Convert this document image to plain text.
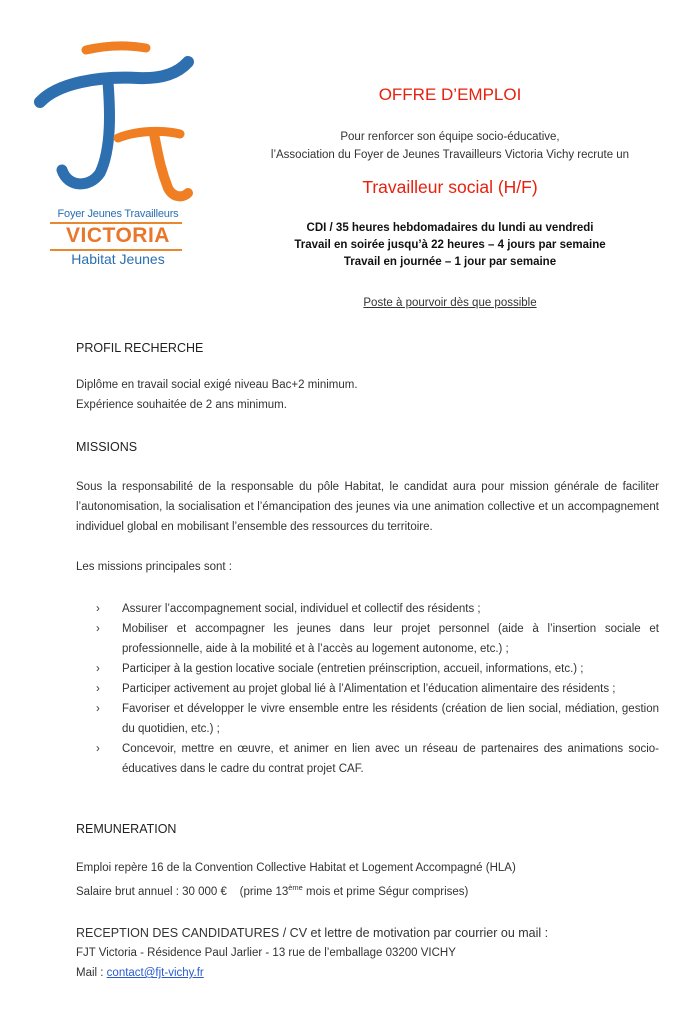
Foyer Jeunes Travailleurs
VICTORIA
Habitat Jeunes
OFFRE D’EMPLOI
Pour renforcer son équipe socio-éducative,
l’Association du Foyer de Jeunes Travailleurs Victoria Vichy recrute un
Travailleur social (H/F)
CDI / 35 heures hebdomadaires du lundi au vendredi
Travail en soirée jusqu’à 22 heures – 4 jours par semaine
Travail en journée – 1 jour par semaine
Poste à pourvoir dès que possible
PROFIL RECHERCHE
Diplôme en travail social exigé niveau Bac+2 minimum.
Expérience souhaitée de 2 ans minimum.
MISSIONS
Sous la responsabilité de la responsable du pôle Habitat, le candidat aura pour mission générale de faciliter l’autonomisation, la socialisation et l’émancipation des jeunes via une animation collective et un accompagnement individuel global en mobilisant l’ensemble des ressources du territoire.
Les missions principales sont :
› Assurer l’accompagnement social, individuel et collectif des résidents ;
› Mobiliser et accompagner les jeunes dans leur projet personnel (aide à l’insertion sociale et professionnelle, aide à la mobilité et à l’accès au logement autonome, etc.) ;
› Participer à la gestion locative sociale (entretien préinscription, accueil, informations, etc.) ;
› Participer activement au projet global lié à l’Alimentation et l’éducation alimentaire des résidents ;
› Favoriser et développer le vivre ensemble entre les résidents (création de lien social, médiation, gestion du quotidien, etc.) ;
› Concevoir, mettre en œuvre, et animer en lien avec un réseau de partenaires des animations socio-éducatives dans le cadre du contrat projet CAF.
REMUNERATION
Emploi repère 16 de la Convention Collective Habitat et Logement Accompagné (HLA)
Salaire brut annuel : 30 000 € (prime 13ème mois et prime Ségur comprises)
RECEPTION DES CANDIDATURES / CV et lettre de motivation par courrier ou mail :
FJT Victoria - Résidence Paul Jarlier - 13 rue de l’emballage 03200 VICHY
Mail : contact@fjt-vichy.fr
